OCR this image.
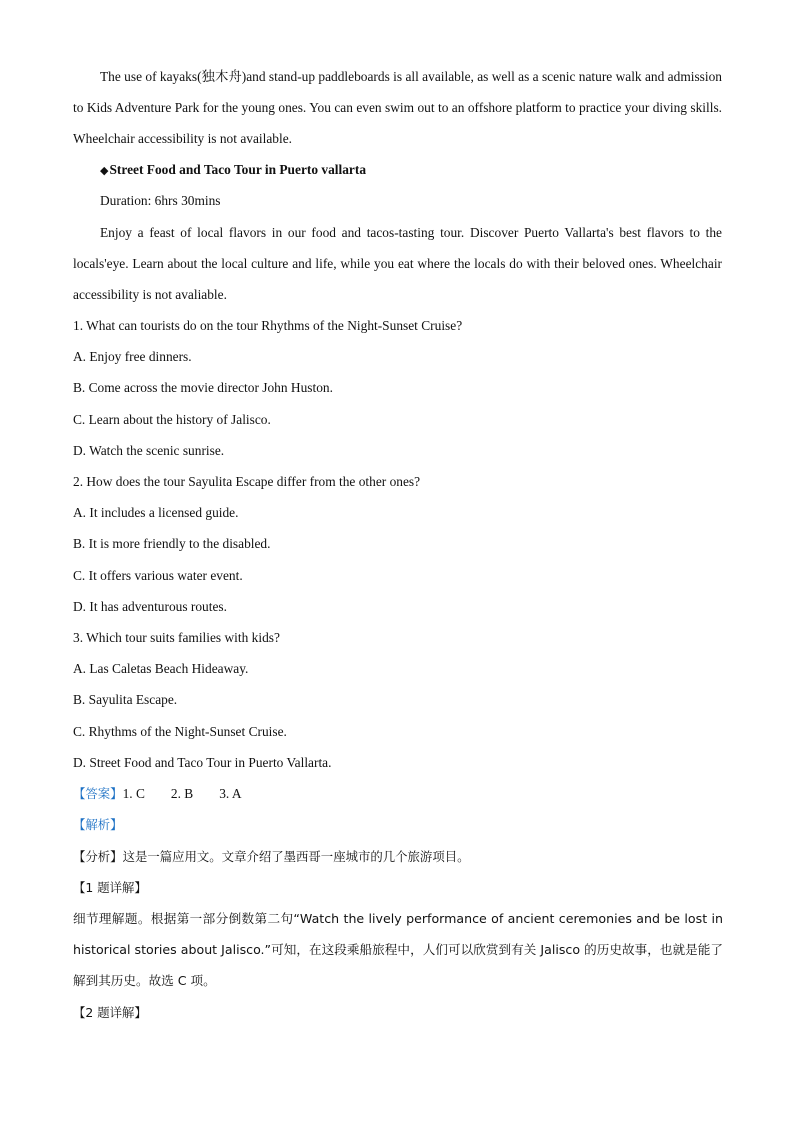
The use of kayaks(独木舟)and stand-up paddleboards is all available, as well as a scenic nature walk and admission to Kids Adventure Park for the young ones. You can even swim out to an offshore platform to practice your diving skills. Wheelchair accessibility is not available.
◆Street Food and Taco Tour in Puerto vallarta
Duration: 6hrs 30mins
Enjoy a feast of local flavors in our food and tacos-tasting tour. Discover Puerto Vallarta's best flavors to the locals'eye. Learn about the local culture and life, while you eat where the locals do with their beloved ones. Wheelchair accessibility is not avaliable.
1. What can tourists do on the tour Rhythms of the Night-Sunset Cruise?
A. Enjoy free dinners.
B. Come across the movie director John Huston.
C. Learn about the history of Jalisco.
D. Watch the scenic sunrise.
2. How does the tour Sayulita Escape differ from the other ones?
A. It includes a licensed guide.
B. It is more friendly to the disabled.
C. It offers various water event.
D. It has adventurous routes.
3. Which tour suits families with kids?
A. Las Caletas Beach Hideaway.
B. Sayulita Escape.
C. Rhythms of the Night-Sunset Cruise.
D. Street Food and Taco Tour in Puerto Vallarta.
【答案】1. C 2. B 3. A
【解析】
【分析】这是一篇应用文。文章介绍了墨西哥一座城市的几个旅游项目。
【1 题详解】
细节理解题。根据第一部分倒数第二句“Watch the lively performance of ancient ceremonies and be lost in historical stories about Jalisco.”可知，在这段乘船旅程中，人们可以欣赏到有关 Jalisco 的历史故事，也就是能了解到其历史。故选 C 项。
【2 题详解】
